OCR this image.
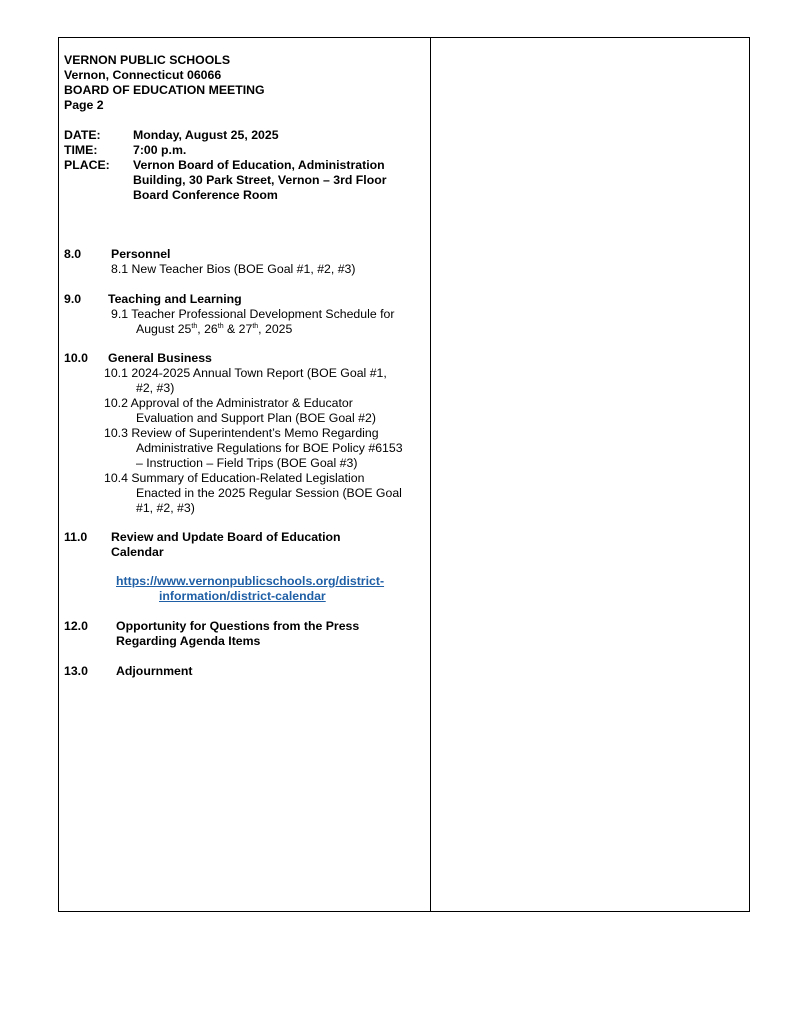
VERNON PUBLIC SCHOOLS
Vernon, Connecticut 06066
BOARD OF EDUCATION MEETING
Page 2
DATE:	Monday, August 25, 2025
TIME:	7:00 p.m.
PLACE: Vernon Board of Education, Administration
Building, 30 Park Street, Vernon – 3rd Floor
Board Conference Room
8.0 Personnel
8.1 New Teacher Bios (BOE Goal #1, #2, #3)
9.0 Teaching and Learning
9.1 Teacher Professional Development Schedule for
August 25th, 26th & 27th, 2025
10.0 General Business
10.1 2024-2025 Annual Town Report (BOE Goal #1,
#2, #3)
10.2 Approval of the Administrator & Educator
Evaluation and Support Plan (BOE Goal #2)
10.3 Review of Superintendent’s Memo Regarding
Administrative Regulations for BOE Policy #6153
– Instruction – Field Trips (BOE Goal #3)
10.4 Summary of Education-Related Legislation
Enacted in the 2025 Regular Session (BOE Goal
#1, #2, #3)
11.0 Review and Update Board of Education
Calendar
https://www.vernonpublicschools.org/district-
information/district-calendar
12.0 Opportunity for Questions from the Press
Regarding Agenda Items
13.0 Adjournment
